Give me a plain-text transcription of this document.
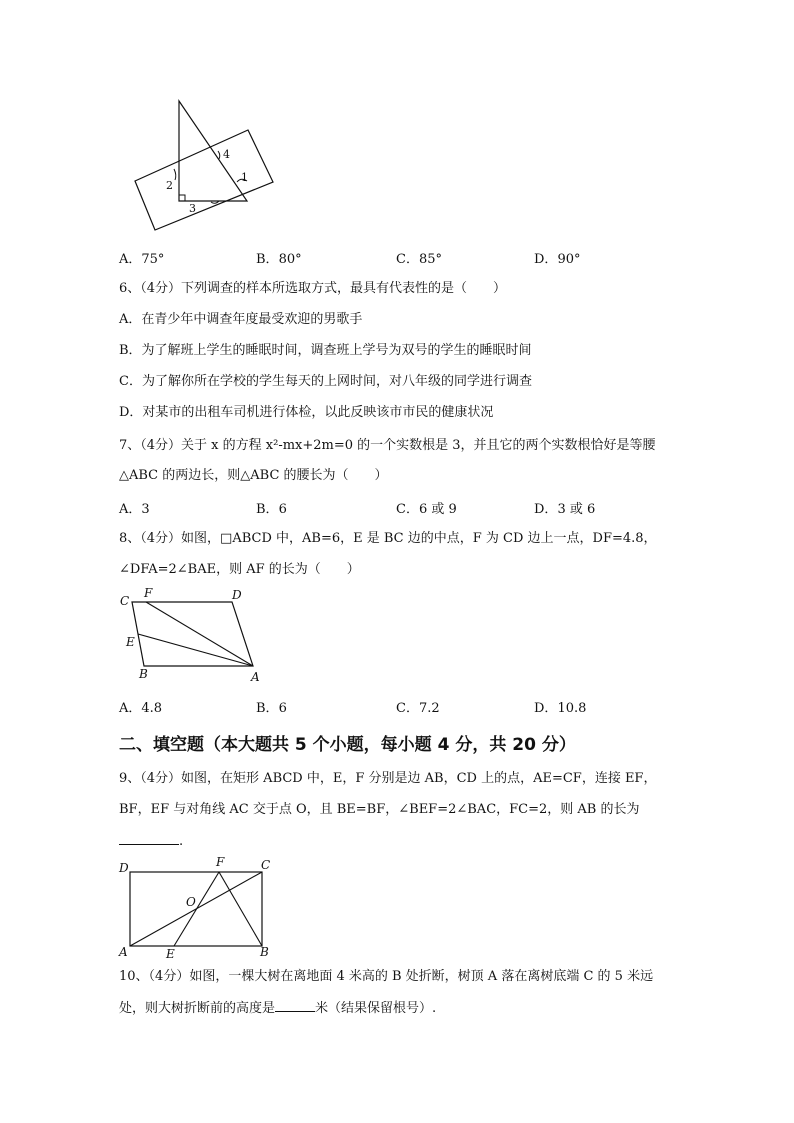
2
1
4
3
A．75°	B．80°	C．85°	D．90°
6、（4分）下列调查的样本所选取方式，最具有代表性的是（　　）
A．在青少年中调查年度最受欢迎的男歌手
B．为了解班上学生的睡眠时间，调查班上学号为双号的学生的睡眠时间
C．为了解你所在学校的学生每天的上网时间，对八年级的同学进行调查
D．对某市的出租车司机进行体检，以此反映该市市民的健康状况
7、（4分）关于 x 的方程 x²-mx+2m=0 的一个实数根是 3，并且它的两个实数根恰好是等腰
△ABC 的两边长，则△ABC 的腰长为（　　）
A．3	B．6	C．6 或 9	D．3 或 6
8、（4分）如图，□ABCD 中，AB=6，E 是 BC 边的中点，F 为 CD 边上一点，DF=4.8，
∠DFA=2∠BAE，则 AF 的长为（　　）
C
F	D
E
B	A
A．4.8	B．6	C．7.2	D．10.8
二、填空题（本大题共 5 个小题，每小题 4 分，共 20 分）
9、（4分）如图，在矩形 ABCD 中，E，F 分别是边 AB，CD 上的点，AE=CF，连接 EF，
BF，EF 与对角线 AC 交于点 O，且 BE=BF，∠BEF=2∠BAC，FC=2，则 AB 的长为
.
D	F	C
O
A	E	B
10、（4分）如图，一棵大树在离地面 4 米高的 B 处折断，树顶 A 落在离树底端 C 的 5 米远
处，则大树折断前的高度是	米（结果保留根号）.
